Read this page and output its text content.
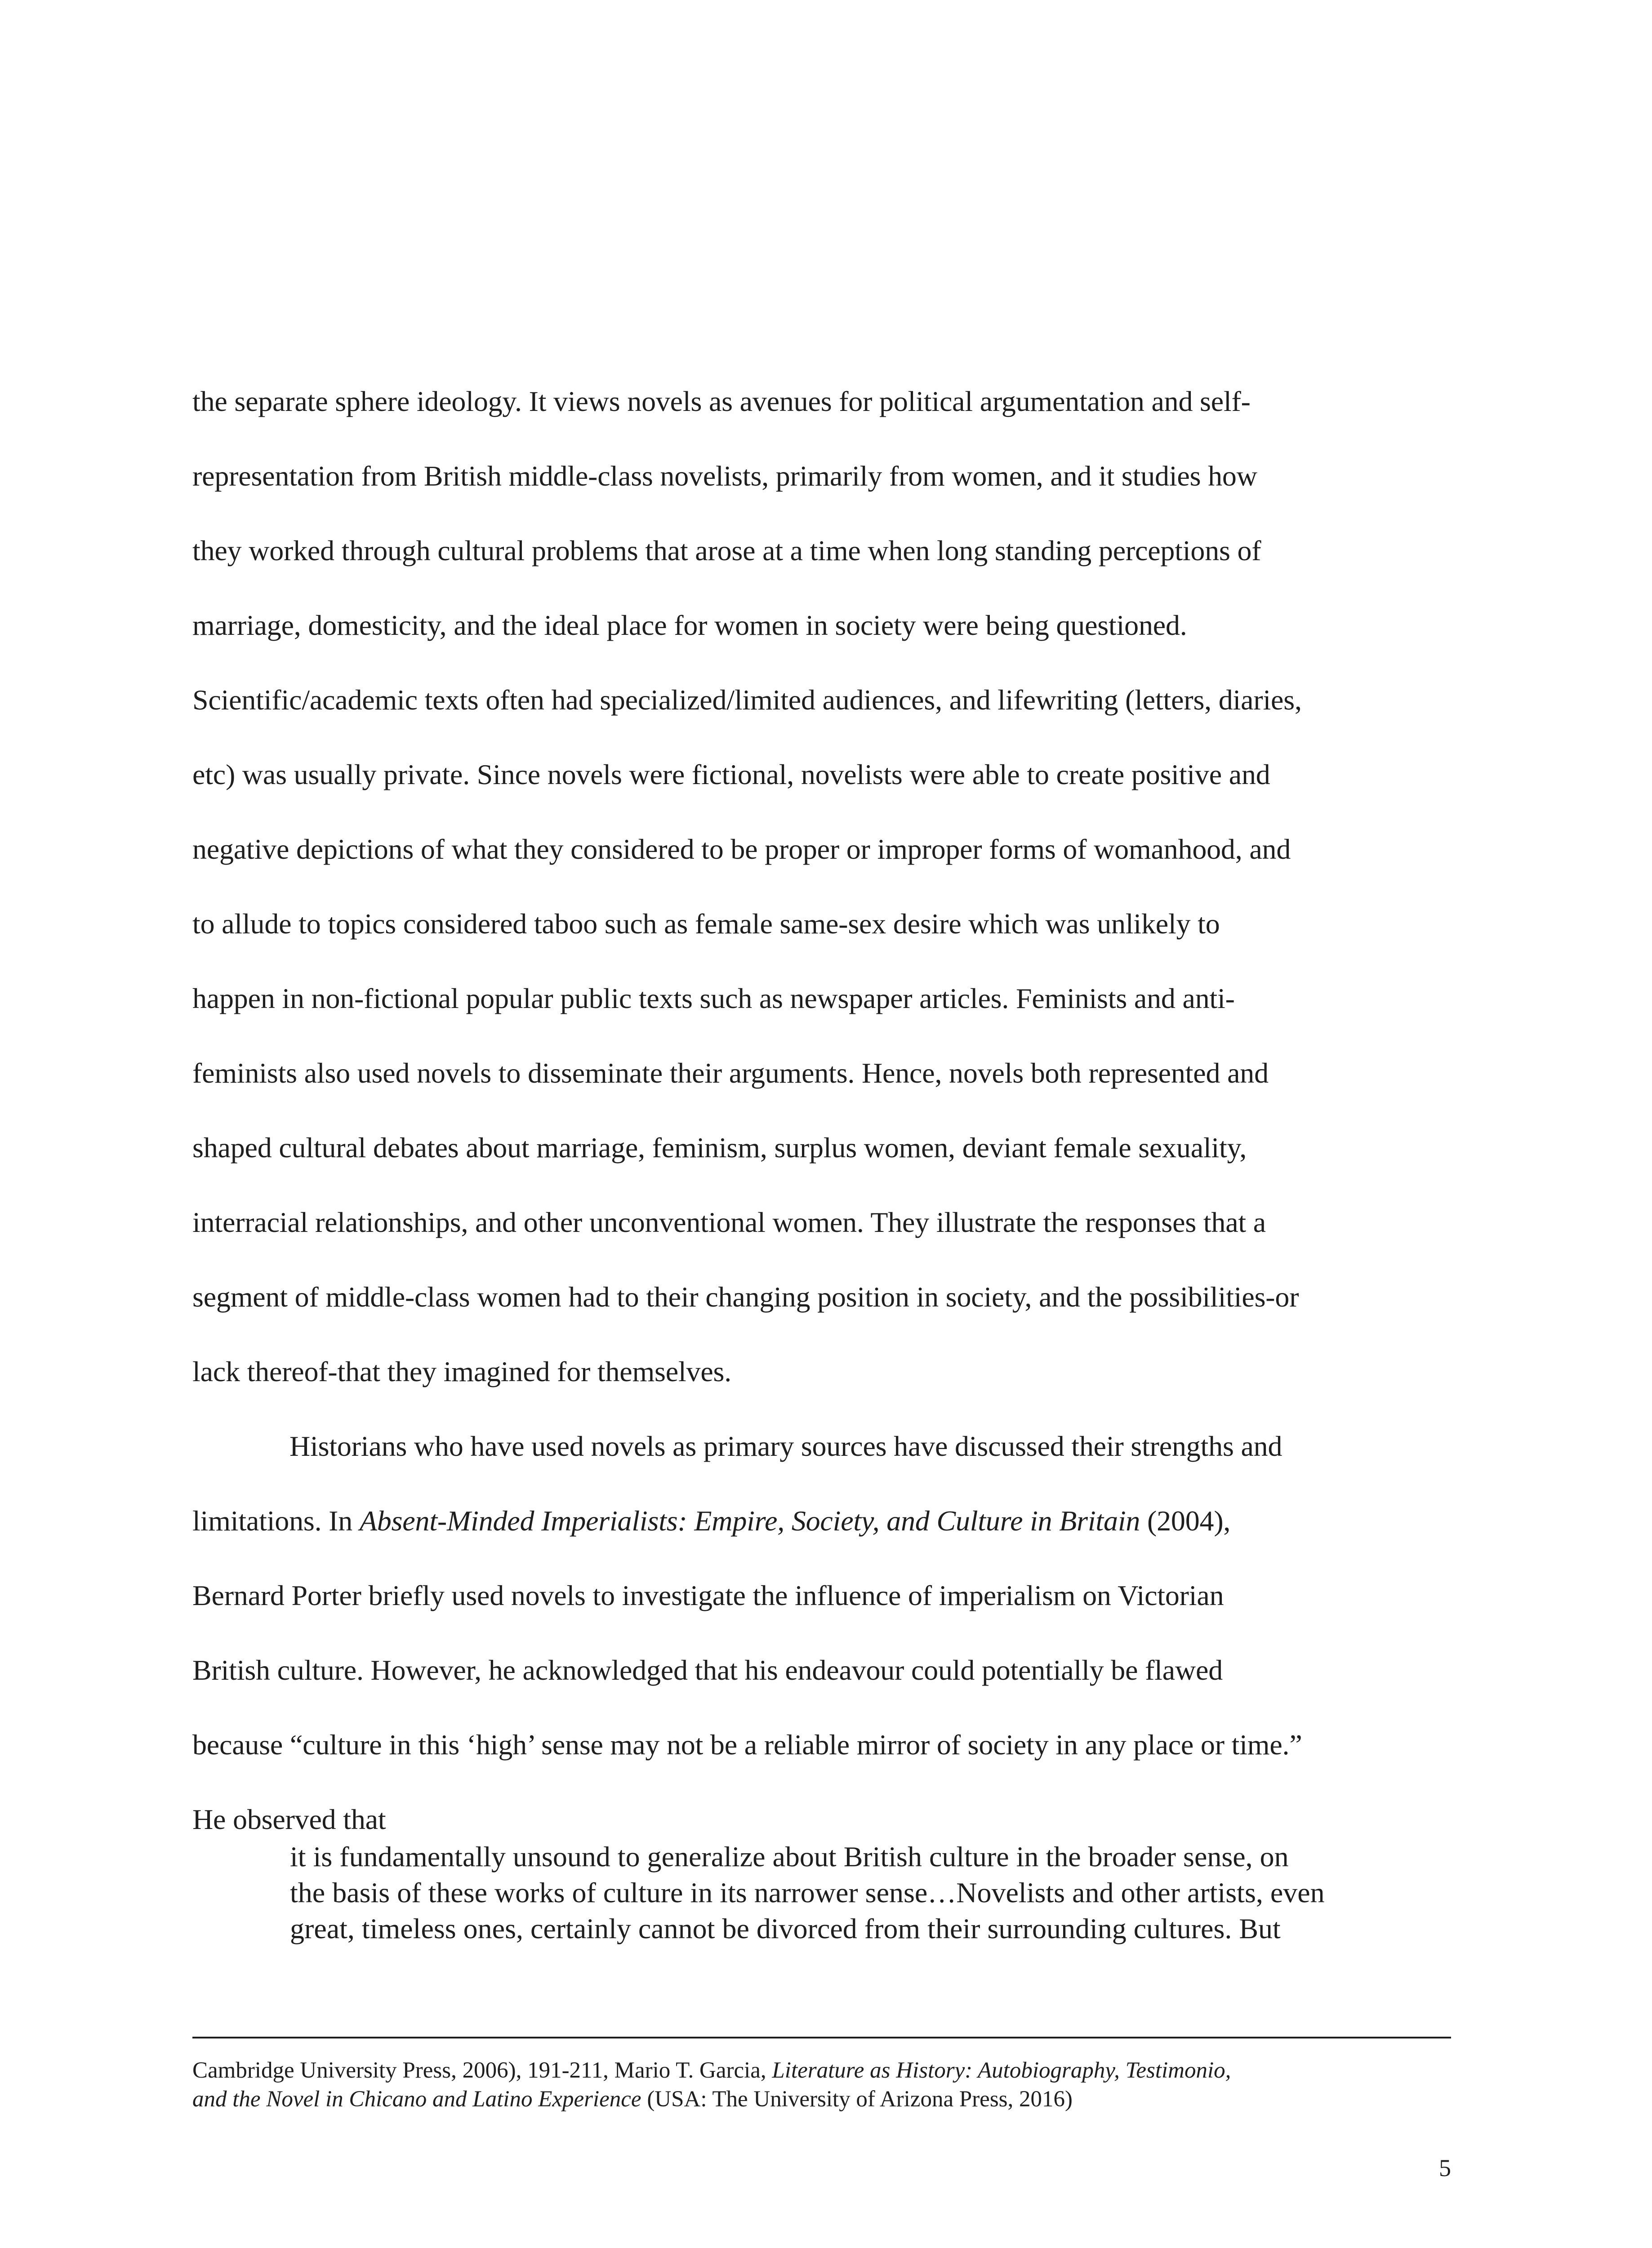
the separate sphere ideology. It views novels as avenues for political argumentation and self-
representation from British middle-class novelists, primarily from women, and it studies how
they worked through cultural problems that arose at a time when long standing perceptions of
marriage, domesticity, and the ideal place for women in society were being questioned.
Scientific/academic texts often had specialized/limited audiences, and lifewriting (letters, diaries,
etc) was usually private. Since novels were fictional, novelists were able to create positive and
negative depictions of what they considered to be proper or improper forms of womanhood, and
to allude to topics considered taboo such as female same-sex desire which was unlikely to
happen in non-fictional popular public texts such as newspaper articles. Feminists and anti-
feminists also used novels to disseminate their arguments. Hence, novels both represented and
shaped cultural debates about marriage, feminism, surplus women, deviant female sexuality,
interracial relationships, and other unconventional women. They illustrate the responses that a
segment of middle-class women had to their changing position in society, and the possibilities-or
lack thereof-that they imagined for themselves.
Historians who have used novels as primary sources have discussed their strengths and
limitations. In Absent-Minded Imperialists: Empire, Society, and Culture in Britain (2004),
Bernard Porter briefly used novels to investigate the influence of imperialism on Victorian
British culture. However, he acknowledged that his endeavour could potentially be flawed
because “culture in this ‘high’ sense may not be a reliable mirror of society in any place or time.”
He observed that
it is fundamentally unsound to generalize about British culture in the broader sense, on
the basis of these works of culture in its narrower sense…Novelists and other artists, even
great, timeless ones, certainly cannot be divorced from their surrounding cultures. But
Cambridge University Press, 2006), 191-211, Mario T. Garcia, Literature as History: Autobiography, Testimonio,
and the Novel in Chicano and Latino Experience (USA: The University of Arizona Press, 2016)
5
